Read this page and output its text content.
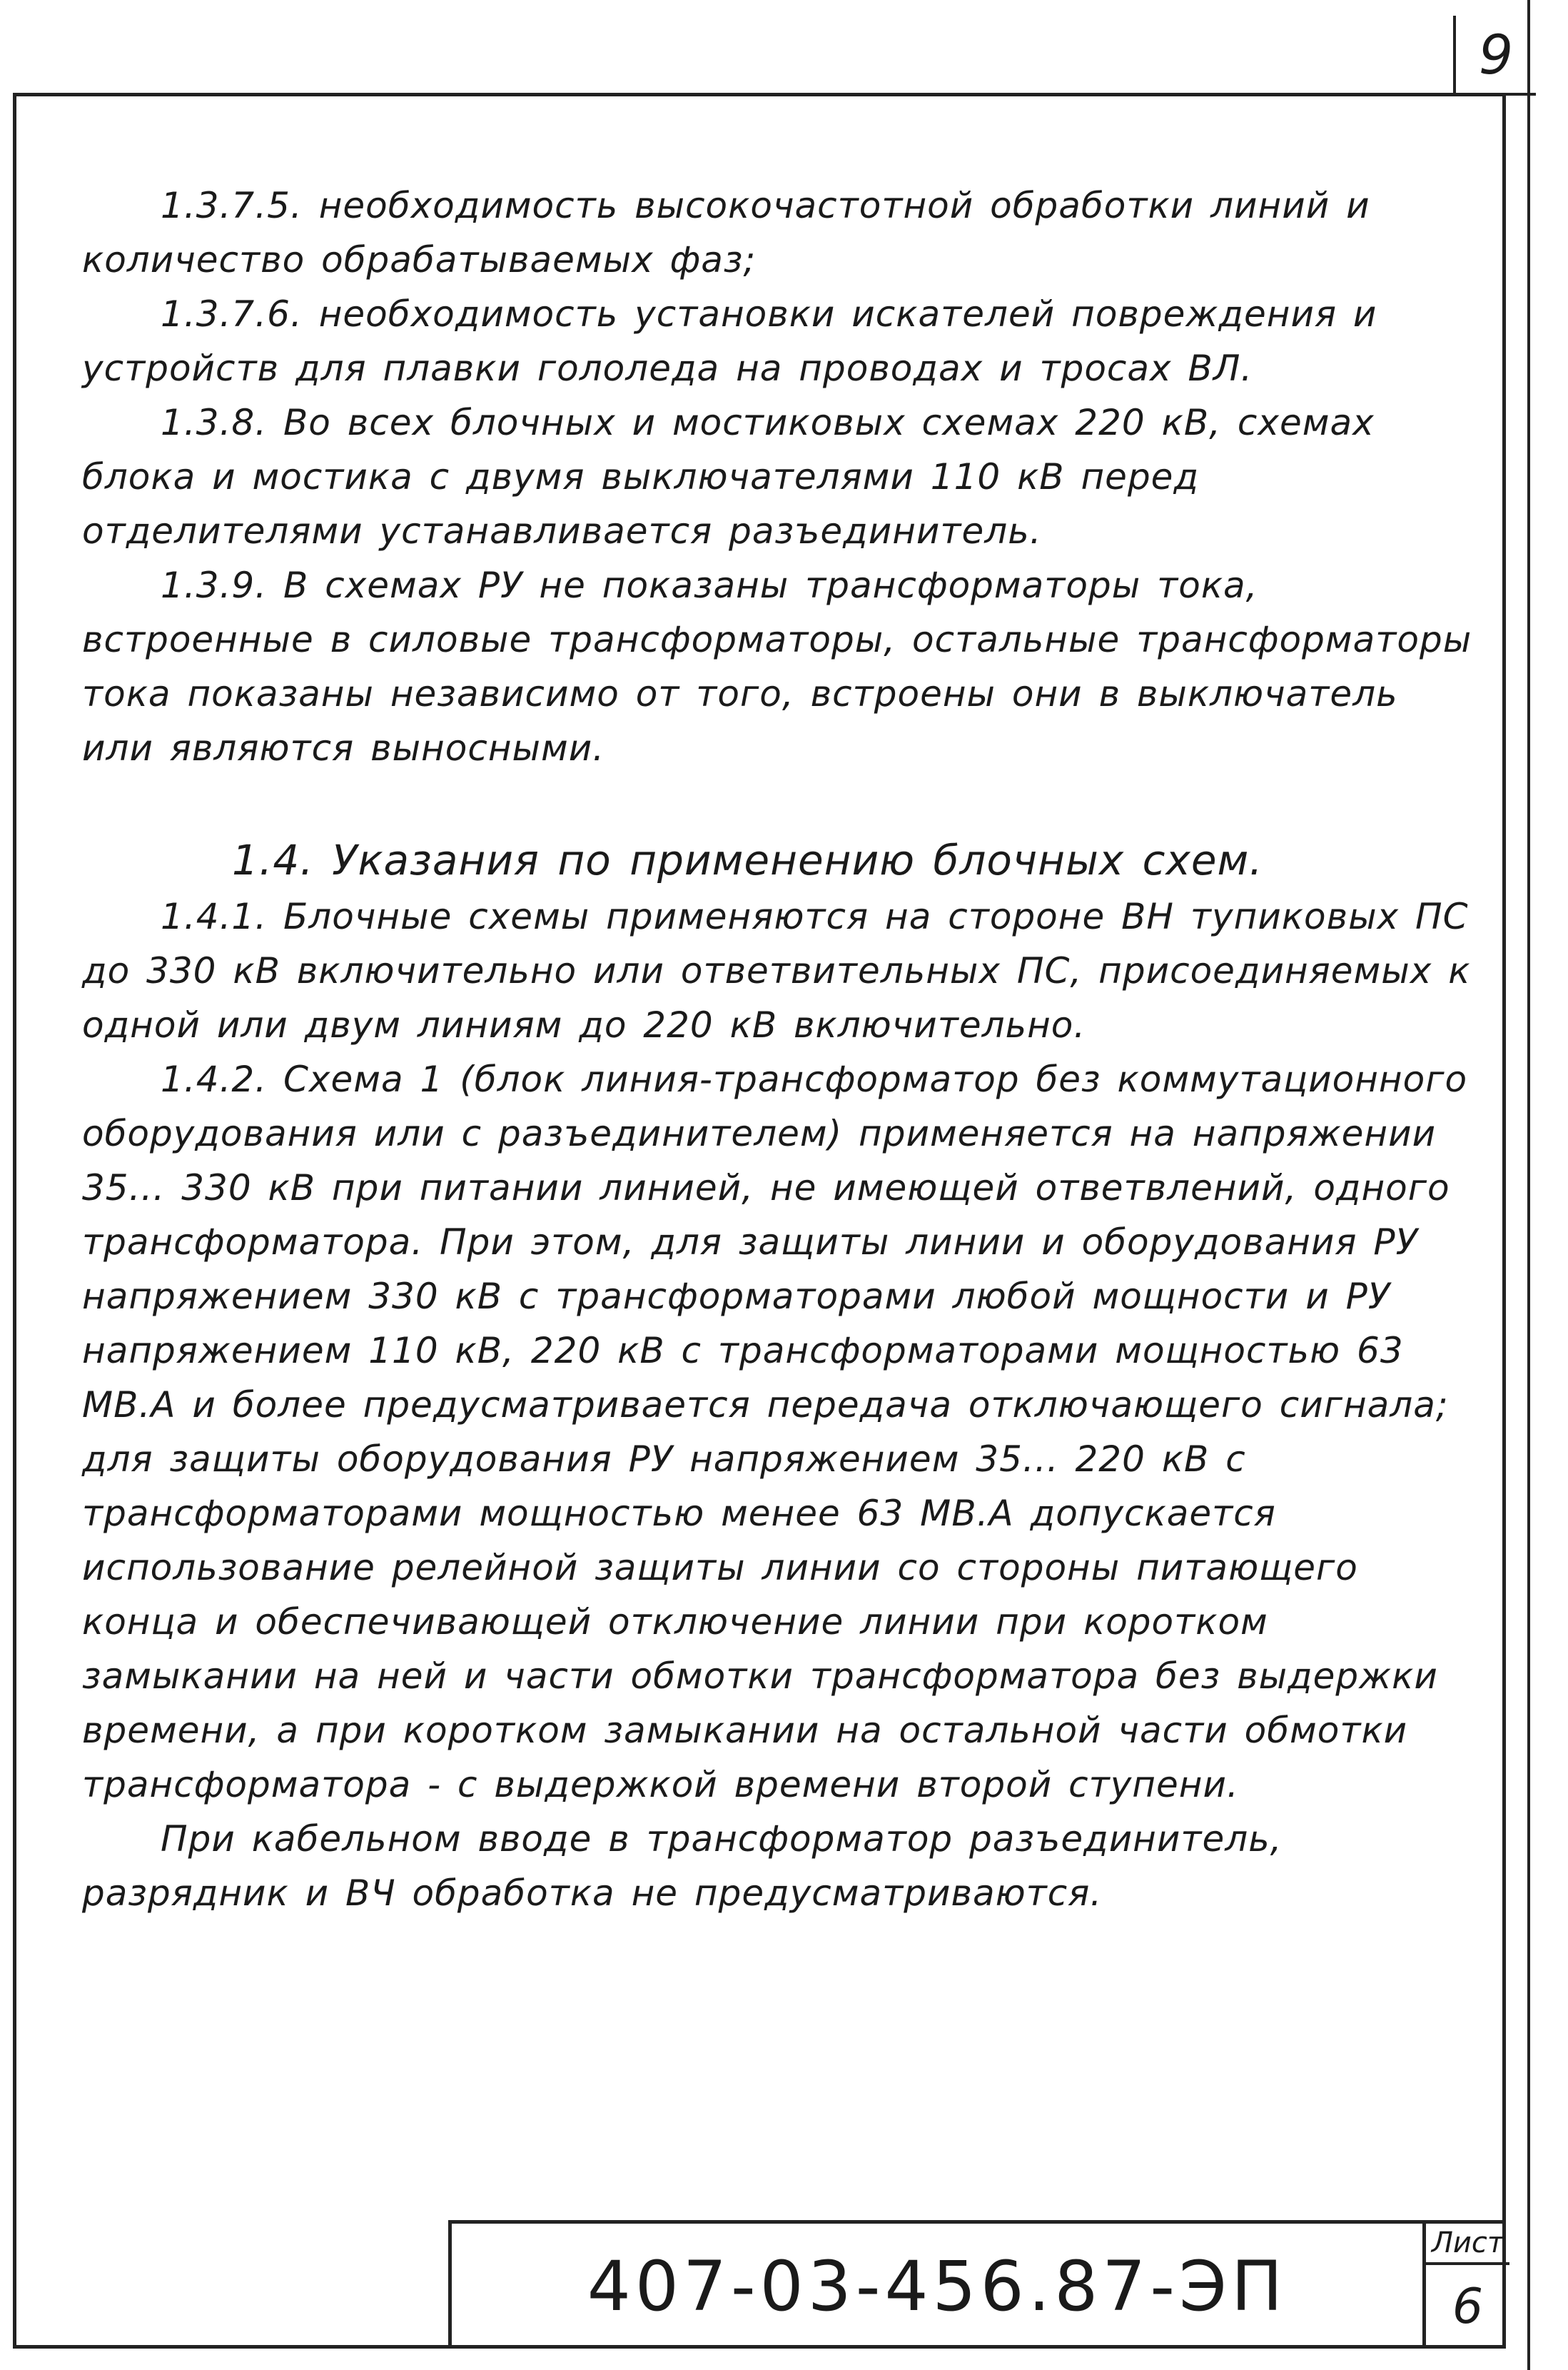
9

1.3.7.5. необходимость высокочастотной обработки линий и количество обрабатываемых фаз;

1.3.7.6. необходимость установки искателей повреждения и устройств для плавки гололеда на проводах и тросах ВЛ.

1.3.8. Во всех блочных и мостиковых схемах 220 кВ, схемах блока и мостика с двумя выключателями 110 кВ перед отделителями устанавливается разъединитель.

1.3.9. В схемах РУ не показаны трансформаторы тока, встроенные в силовые трансформаторы, остальные трансформаторы тока показаны независимо от того, встроены они в выключатель или являются выносными.

1.4. Указания по применению блочных схем.

1.4.1. Блочные схемы применяются на стороне ВН тупиковых ПС до 330 кВ включительно или ответвительных ПС, присоединяемых к одной или двум линиям до 220 кВ включительно.

1.4.2. Схема 1 (блок линия-трансформатор без коммутационного оборудования или с разъединителем) применяется на напряжении 35... 330 кВ при питании линией, не имеющей ответвлений, одного трансформатора. При этом, для защиты линии и оборудования РУ напряжением 330 кВ с трансформаторами любой мощности и РУ напряжением 110 кВ, 220 кВ с трансформаторами мощностью 63 МВ.А и более предусматривается передача отключающего сигнала; для защиты оборудования РУ напряжением 35... 220 кВ с трансформаторами мощностью менее 63 МВ.А допускается использование релейной защиты линии со стороны питающего конца и обеспечивающей отключение линии при коротком замыкании на ней и части обмотки трансформатора без выдержки времени, а при коротком замыкании на остальной части обмотки трансформатора - с выдержкой времени второй ступени.

При кабельном вводе в трансформатор разъединитель, разрядник и ВЧ обработка не предусматриваются.

407-03-456.87-ЭП
Лист
6
